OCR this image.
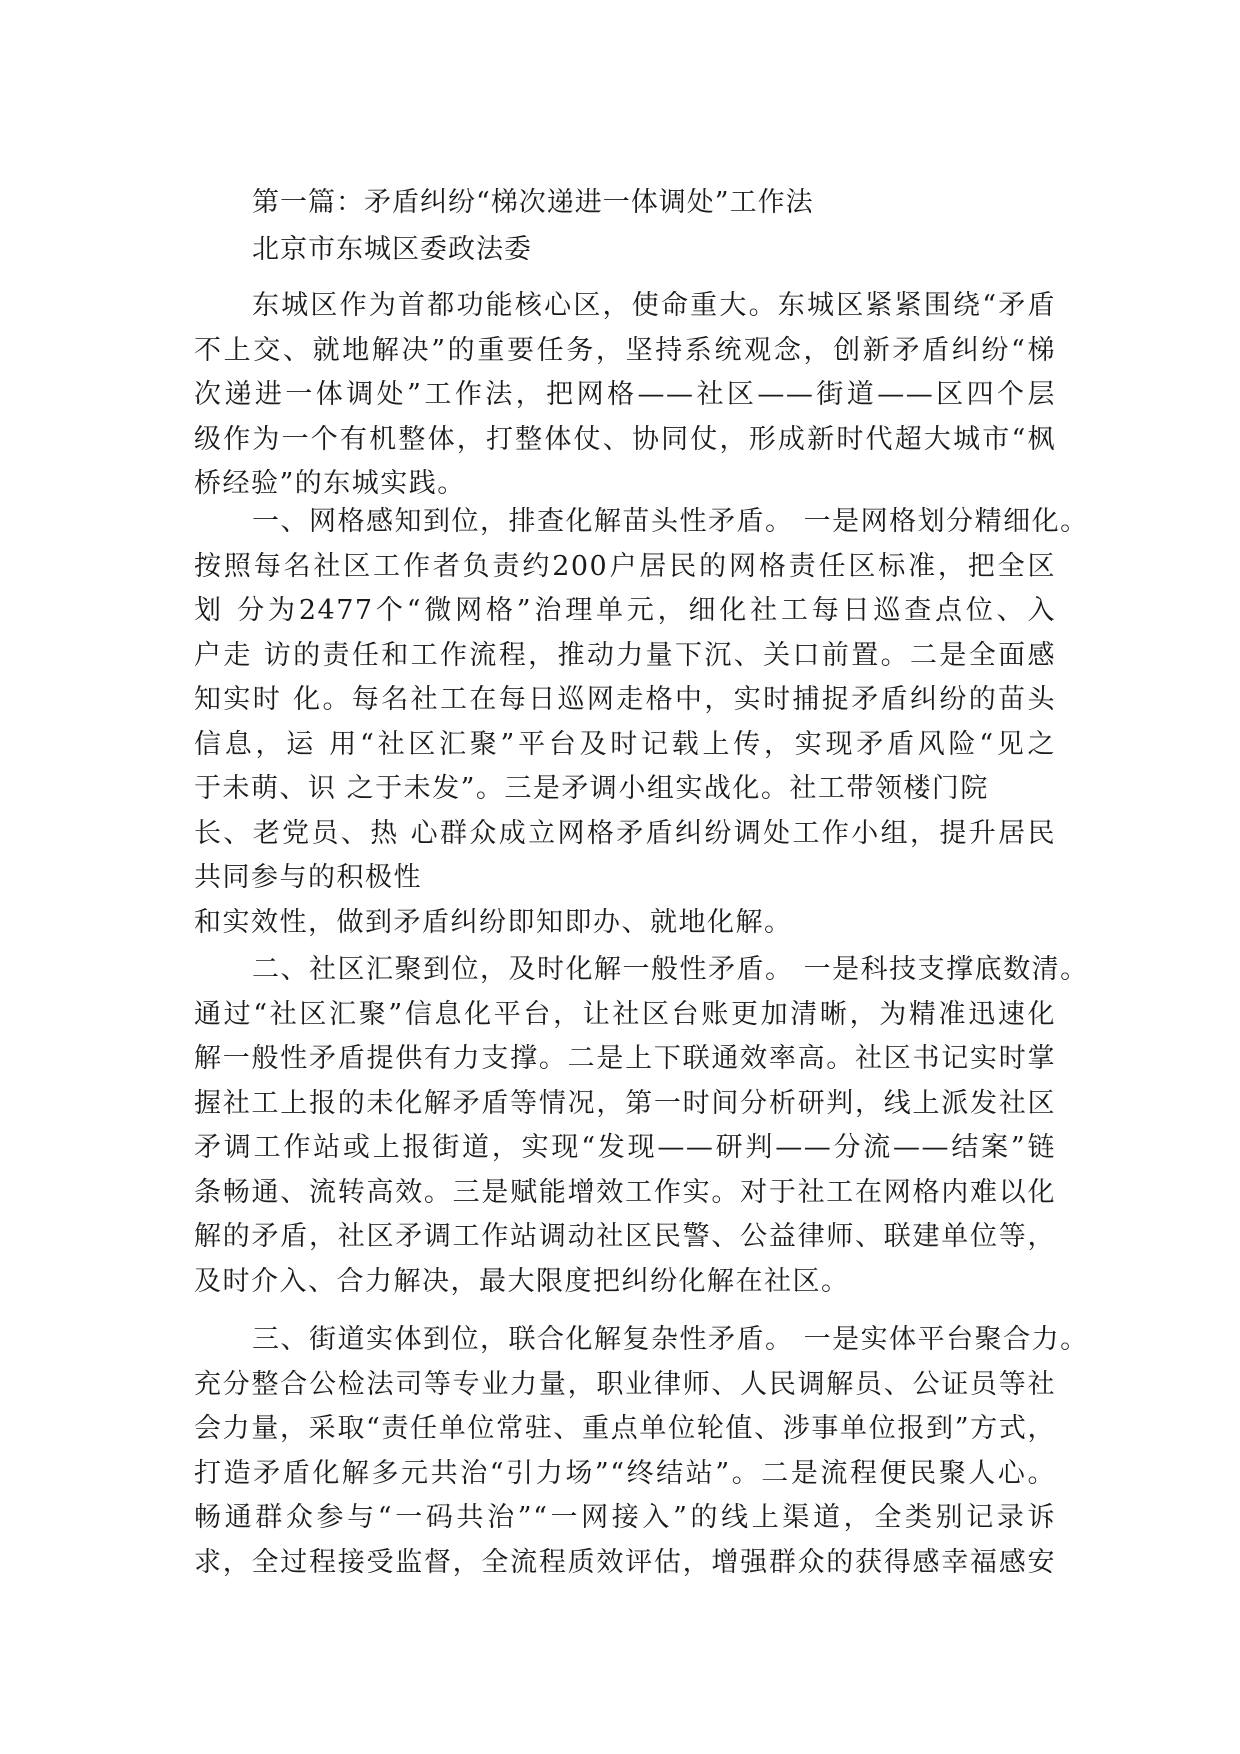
第一篇：矛盾纠纷“梯次递进一体调处”工作法
北京市东城区委政法委
东城区作为首都功能核心区，使命重大。东城区紧紧围绕“矛盾
不上交、就地解决”的重要任务，坚持系统观念，创新矛盾纠纷“梯
次递进一体调处”工作法，把网格——社区——街道——区四个层
级作为一个有机整体，打整体仗、协同仗，形成新时代超大城市“枫
桥经验”的东城实践。
一、网格感知到位，排查化解苗头性矛盾。 一是网格划分精细化。
按照每名社区工作者负责约200户居民的网格责任区标准，把全区
划 分为2477个“微网格”治理单元，细化社工每日巡查点位、入
户走 访的责任和工作流程，推动力量下沉、关口前置。二是全面感
知实时 化。每名社工在每日巡网走格中，实时捕捉矛盾纠纷的苗头
信息，运 用“社区汇聚”平台及时记载上传，实现矛盾风险“见之
于未萌、识 之于未发”。三是矛调小组实战化。社工带领楼门院
长、老党员、热 心群众成立网格矛盾纠纷调处工作小组，提升居民
共同参与的积极性
和实效性，做到矛盾纠纷即知即办、就地化解。
二、社区汇聚到位，及时化解一般性矛盾。 一是科技支撑底数清。
通过“社区汇聚”信息化平台，让社区台账更加清晰，为精准迅速化
解一般性矛盾提供有力支撑。二是上下联通效率高。社区书记实时掌
握社工上报的未化解矛盾等情况，第一时间分析研判，线上派发社区
矛调工作站或上报街道，实现“发现——研判——分流——结案”链
条畅通、流转高效。三是赋能增效工作实。对于社工在网格内难以化
解的矛盾，社区矛调工作站调动社区民警、公益律师、联建单位等，
及时介入、合力解决，最大限度把纠纷化解在社区。
三、街道实体到位，联合化解复杂性矛盾。 一是实体平台聚合力。
充分整合公检法司等专业力量，职业律师、人民调解员、公证员等社
会力量，采取“责任单位常驻、重点单位轮值、涉事单位报到”方式，
打造矛盾化解多元共治“引力场”“终结站”。二是流程便民聚人心。
畅通群众参与“一码共治”“一网接入”的线上渠道，全类别记录诉
求，全过程接受监督，全流程质效评估，增强群众的获得感幸福感安
